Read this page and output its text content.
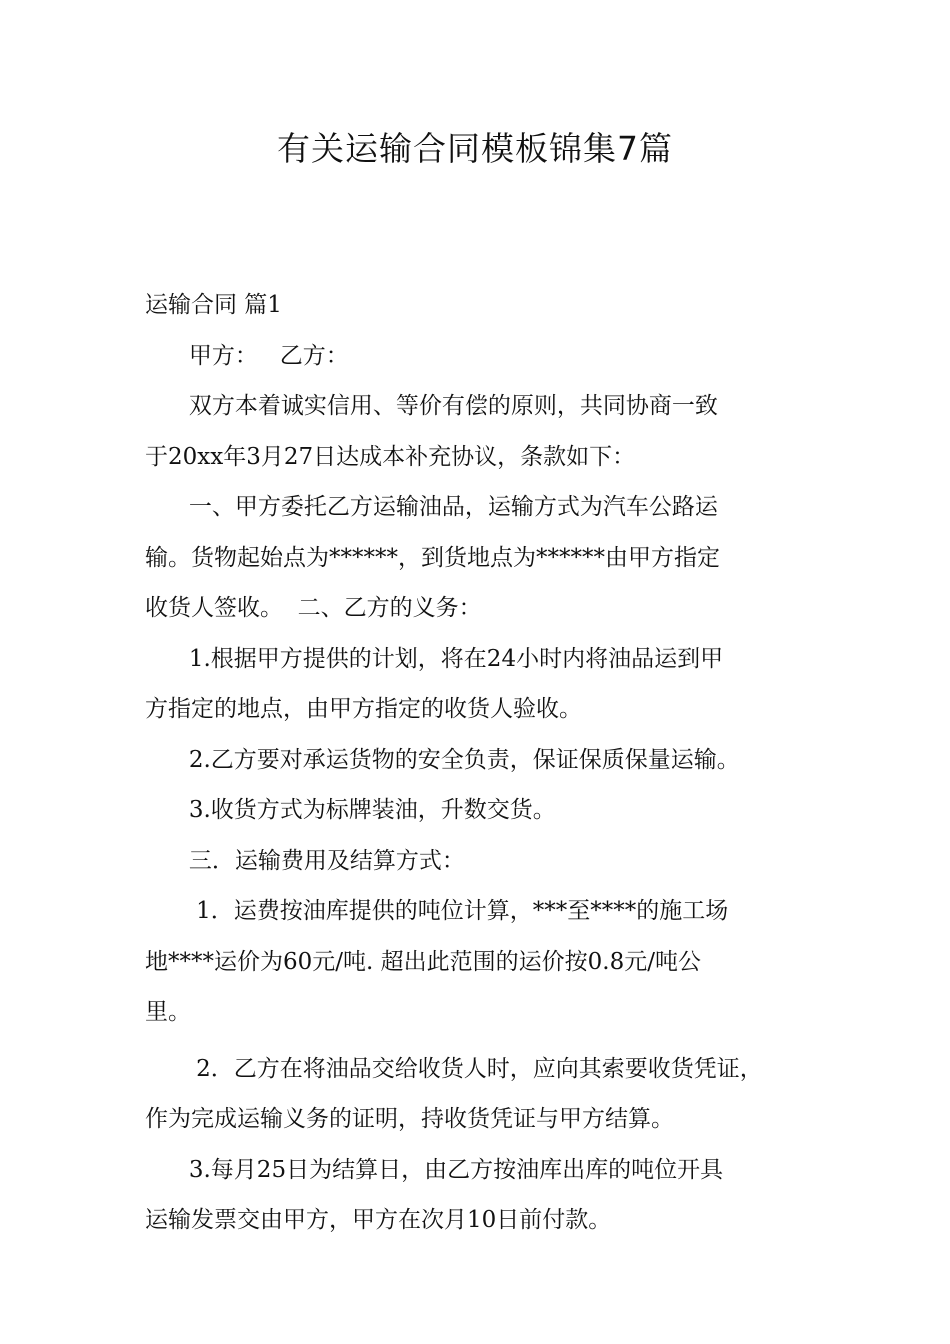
有关运输合同模板锦集7篇
运输合同 篇1
甲方：   乙方：
双方本着诚实信用、等价有偿的原则，共同协商一致
于20xx年3月27日达成本补充协议，条款如下：
一、甲方委托乙方运输油品，运输方式为汽车公路运
输。货物起始点为******，到货地点为******由甲方指定
收货人签收。  二、乙方的义务：
1.根据甲方提供的计划，将在24小时内将油品运到甲
方指定的地点，由甲方指定的收货人验收。
2.乙方要对承运货物的安全负责，保证保质保量运输。
3.收货方式为标牌装油，升数交货。
三．运输费用及结算方式：
1．运费按油库提供的吨位计算，***至****的施工场
地****运价为60元/吨. 超出此范围的运价按0.8元/吨公
里。
2．乙方在将油品交给收货人时，应向其索要收货凭证，
作为完成运输义务的证明，持收货凭证与甲方结算。
3.每月25日为结算日，由乙方按油库出库的吨位开具
运输发票交由甲方，甲方在次月10日前付款。
